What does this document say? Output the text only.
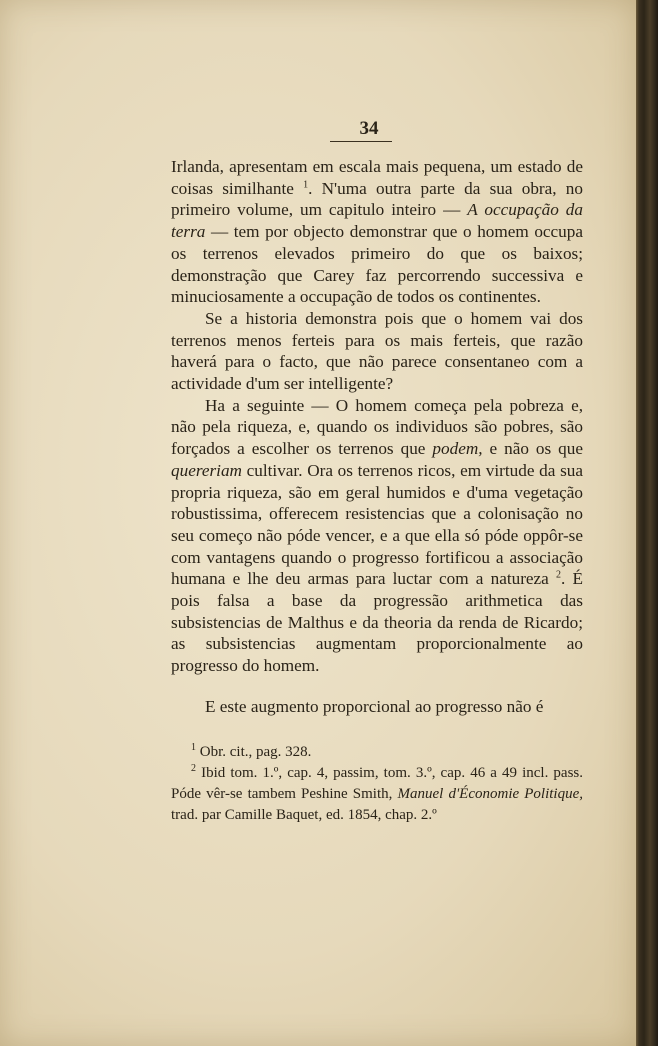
34

Irlanda, apresentam em escala mais pequena, um estado de coisas similhante $^1$. N'uma outra parte da sua obra, no primeiro volume, um capitulo inteiro — A occupação da terra — tem por objecto demonstrar que o homem occupa os terrenos elevados primeiro do que os baixos; demonstração que Carey faz percorrendo successiva e minuciosamente a occupação de todos os continentes.

Se a historia demonstra pois que o homem vai dos terrenos menos ferteis para os mais ferteis, que razão haverá para o facto, que não parece consentaneo com a actividade d'um ser intelligente?

Ha a seguinte — O homem começa pela pobreza e, não pela riqueza, e, quando os individuos são pobres, são forçados a escolher os terrenos que podem, e não os que quereriam cultivar. Ora os terrenos ricos, em virtude da sua propria riqueza, são em geral humidos e d'uma vegetação robustissima, offerecem resistencias que a colonisação no seu começo não póde vencer, e a que ella só póde oppôr-se com vantagens quando o progresso fortificou a associação humana e lhe deu armas para luctar com a natureza $^2$. É pois falsa a base da progressão arithmetica das subsistencias de Malthus e da theoria da renda de Ricardo; as subsistencias augmentam proporcionalmente ao progresso do homem.

E este augmento proporcional ao progresso não é

$^1$ Obr. cit., pag. 328.

$^2$ Ibid tom. 1.º, cap. 4, passim, tom. 3.º, cap. 46 a 49 incl. pass. Póde vêr-se tambem Peshine Smith, Manuel d'Économie Politique, trad. par Camille Baquet, ed. 1854, chap. 2.º
